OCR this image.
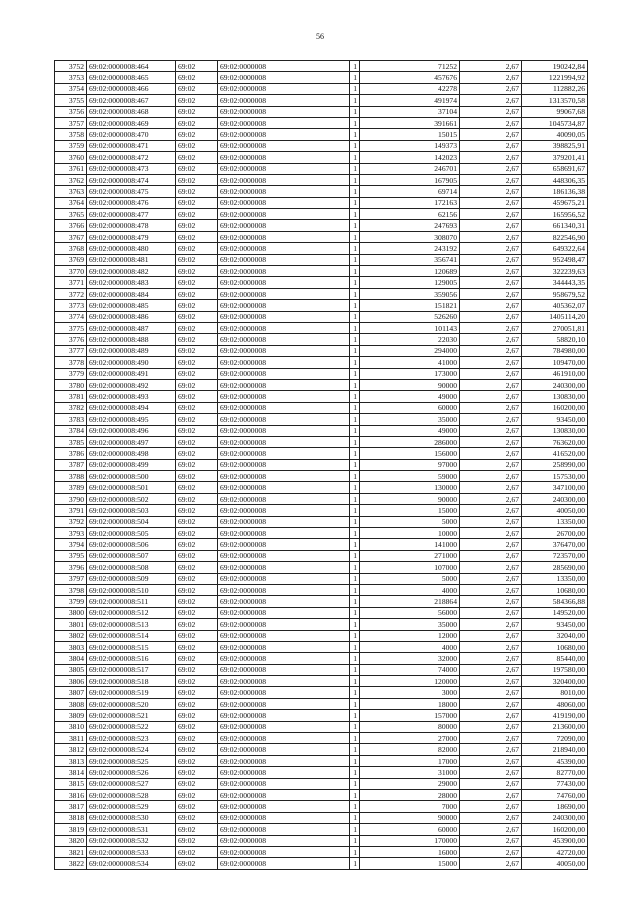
56
3752	69:02:0000008:464	69:02	69:02:0000008	1	71252	2,67	190242,84
3753	69:02:0000008:465	69:02	69:02:0000008	1	457676	2,67	1221994,92
3754	69:02:0000008:466	69:02	69:02:0000008	1	42278	2,67	112882,26
3755	69:02:0000008:467	69:02	69:02:0000008	1	491974	2,67	1313570,58
3756	69:02:0000008:468	69:02	69:02:0000008	1	37104	2,67	99067,68
3757	69:02:0000008:469	69:02	69:02:0000008	1	391661	2,67	1045734,87
3758	69:02:0000008:470	69:02	69:02:0000008	1	15015	2,67	40090,05
3759	69:02:0000008:471	69:02	69:02:0000008	1	149373	2,67	398825,91
3760	69:02:0000008:472	69:02	69:02:0000008	1	142023	2,67	379201,41
3761	69:02:0000008:473	69:02	69:02:0000008	1	246701	2,67	658691,67
3762	69:02:0000008:474	69:02	69:02:0000008	1	167905	2,67	448306,35
3763	69:02:0000008:475	69:02	69:02:0000008	1	69714	2,67	186136,38
3764	69:02:0000008:476	69:02	69:02:0000008	1	172163	2,67	459675,21
3765	69:02:0000008:477	69:02	69:02:0000008	1	62156	2,67	165956,52
3766	69:02:0000008:478	69:02	69:02:0000008	1	247693	2,67	661340,31
3767	69:02:0000008:479	69:02	69:02:0000008	1	308070	2,67	822546,90
3768	69:02:0000008:480	69:02	69:02:0000008	1	243192	2,67	649322,64
3769	69:02:0000008:481	69:02	69:02:0000008	1	356741	2,67	952498,47
3770	69:02:0000008:482	69:02	69:02:0000008	1	120689	2,67	322239,63
3771	69:02:0000008:483	69:02	69:02:0000008	1	129005	2,67	344443,35
3772	69:02:0000008:484	69:02	69:02:0000008	1	359056	2,67	958679,52
3773	69:02:0000008:485	69:02	69:02:0000008	1	151821	2,67	405362,07
3774	69:02:0000008:486	69:02	69:02:0000008	1	526260	2,67	1405114,20
3775	69:02:0000008:487	69:02	69:02:0000008	1	101143	2,67	270051,81
3776	69:02:0000008:488	69:02	69:02:0000008	1	22030	2,67	58820,10
3777	69:02:0000008:489	69:02	69:02:0000008	1	294000	2,67	784980,00
3778	69:02:0000008:490	69:02	69:02:0000008	1	41000	2,67	109470,00
3779	69:02:0000008:491	69:02	69:02:0000008	1	173000	2,67	461910,00
3780	69:02:0000008:492	69:02	69:02:0000008	1	90000	2,67	240300,00
3781	69:02:0000008:493	69:02	69:02:0000008	1	49000	2,67	130830,00
3782	69:02:0000008:494	69:02	69:02:0000008	1	60000	2,67	160200,00
3783	69:02:0000008:495	69:02	69:02:0000008	1	35000	2,67	93450,00
3784	69:02:0000008:496	69:02	69:02:0000008	1	49000	2,67	130830,00
3785	69:02:0000008:497	69:02	69:02:0000008	1	286000	2,67	763620,00
3786	69:02:0000008:498	69:02	69:02:0000008	1	156000	2,67	416520,00
3787	69:02:0000008:499	69:02	69:02:0000008	1	97000	2,67	258990,00
3788	69:02:0000008:500	69:02	69:02:0000008	1	59000	2,67	157530,00
3789	69:02:0000008:501	69:02	69:02:0000008	1	130000	2,67	347100,00
3790	69:02:0000008:502	69:02	69:02:0000008	1	90000	2,67	240300,00
3791	69:02:0000008:503	69:02	69:02:0000008	1	15000	2,67	40050,00
3792	69:02:0000008:504	69:02	69:02:0000008	1	5000	2,67	13350,00
3793	69:02:0000008:505	69:02	69:02:0000008	1	10000	2,67	26700,00
3794	69:02:0000008:506	69:02	69:02:0000008	1	141000	2,67	376470,00
3795	69:02:0000008:507	69:02	69:02:0000008	1	271000	2,67	723570,00
3796	69:02:0000008:508	69:02	69:02:0000008	1	107000	2,67	285690,00
3797	69:02:0000008:509	69:02	69:02:0000008	1	5000	2,67	13350,00
3798	69:02:0000008:510	69:02	69:02:0000008	1	4000	2,67	10680,00
3799	69:02:0000008:511	69:02	69:02:0000008	1	218864	2,67	584366,88
3800	69:02:0000008:512	69:02	69:02:0000008	1	56000	2,67	149520,00
3801	69:02:0000008:513	69:02	69:02:0000008	1	35000	2,67	93450,00
3802	69:02:0000008:514	69:02	69:02:0000008	1	12000	2,67	32040,00
3803	69:02:0000008:515	69:02	69:02:0000008	1	4000	2,67	10680,00
3804	69:02:0000008:516	69:02	69:02:0000008	1	32000	2,67	85440,00
3805	69:02:0000008:517	69:02	69:02:0000008	1	74000	2,67	197580,00
3806	69:02:0000008:518	69:02	69:02:0000008	1	120000	2,67	320400,00
3807	69:02:0000008:519	69:02	69:02:0000008	1	3000	2,67	8010,00
3808	69:02:0000008:520	69:02	69:02:0000008	1	18000	2,67	48060,00
3809	69:02:0000008:521	69:02	69:02:0000008	1	157000	2,67	419190,00
3810	69:02:0000008:522	69:02	69:02:0000008	1	80000	2,67	213600,00
3811	69:02:0000008:523	69:02	69:02:0000008	1	27000	2,67	72090,00
3812	69:02:0000008:524	69:02	69:02:0000008	1	82000	2,67	218940,00
3813	69:02:0000008:525	69:02	69:02:0000008	1	17000	2,67	45390,00
3814	69:02:0000008:526	69:02	69:02:0000008	1	31000	2,67	82770,00
3815	69:02:0000008:527	69:02	69:02:0000008	1	29000	2,67	77430,00
3816	69:02:0000008:528	69:02	69:02:0000008	1	28000	2,67	74760,00
3817	69:02:0000008:529	69:02	69:02:0000008	1	7000	2,67	18690,00
3818	69:02:0000008:530	69:02	69:02:0000008	1	90000	2,67	240300,00
3819	69:02:0000008:531	69:02	69:02:0000008	1	60000	2,67	160200,00
3820	69:02:0000008:532	69:02	69:02:0000008	1	170000	2,67	453900,00
3821	69:02:0000008:533	69:02	69:02:0000008	1	16000	2,67	42720,00
3822	69:02:0000008:534	69:02	69:02:0000008	1	15000	2,67	40050,00
